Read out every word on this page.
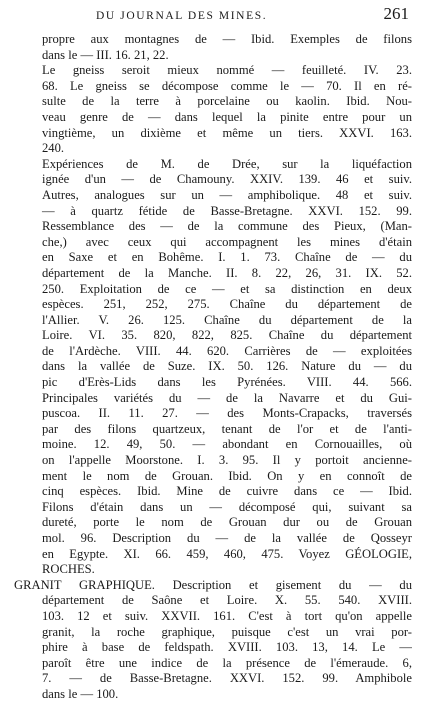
DU JOURNAL DES MINES.	261
propre aux montagnes de — Ibid. Exemples de filons
dans le — III. 16. 21, 22.
Le gneiss seroit mieux nommé — feuilleté. IV. 23.
68. Le gneiss se décompose comme le — 70. Il en ré-
sulte de la terre à porcelaine ou kaolin. Ibid. Nou-
veau genre de — dans lequel la pinite entre pour un
vingtième, un dixième et même un tiers. XXVI. 163.
240.
Expériences de M. de Drée, sur la liquéfaction
ignée d'un — de Chamouny. XXIV. 139. 46 et suiv.
Autres, analogues sur un — amphibolique. 48 et suiv.
— à quartz fétide de Basse-Bretagne. XXVI. 152. 99.
Ressemblance des — de la commune des Pieux, (Man-
che,) avec ceux qui accompagnent les mines d'étain
en Saxe et en Bohême. I. 1. 73. Chaîne de — du
département de la Manche. II. 8. 22, 26, 31. IX. 52.
250. Exploitation de ce — et sa distinction en deux
espèces. 251, 252, 275. Chaîne du département de
l'Allier. V. 26. 125. Chaîne du département de la
Loire. VI. 35. 820, 822, 825. Chaîne du département
de l'Ardèche. VIII. 44. 620. Carrières de — exploitées
dans la vallée de Suze. IX. 50. 126. Nature du — du
pic d'Erès-Lids dans les Pyrénées. VIII. 44. 566.
Principales variétés du — de la Navarre et du Gui-
puscoa. II. 11. 27. — des Monts-Crapacks, traversés
par des filons quartzeux, tenant de l'or et de l'anti-
moine. 12. 49, 50. — abondant en Cornouailles, où
on l'appelle Moorstone. I. 3. 95. Il y portoit ancienne-
ment le nom de Grouan. Ibid. On y en connoît de
cinq espèces. Ibid. Mine de cuivre dans ce — Ibid.
Filons d'étain dans un — décomposé qui, suivant sa
dureté, porte le nom de Grouan dur ou de Grouan
mol. 96. Description du — de la vallée de Qosseyr
en Egypte. XI. 66. 459, 460, 475. Voyez GÉOLOGIE,
ROCHES.
GRANIT GRAPHIQUE. Description et gisement du — du
département de Saône et Loire. X. 55. 540. XVIII.
103. 12 et suiv. XXVII. 161. C'est à tort qu'on appelle
granit, la roche graphique, puisque c'est un vrai por-
phire à base de feldspath. XVIII. 103. 13, 14. Le —
paroît être une indice de la présence de l'émeraude. 6,
7. — de Basse-Bretagne. XXVI. 152. 99. Amphibole
dans le — 100.
